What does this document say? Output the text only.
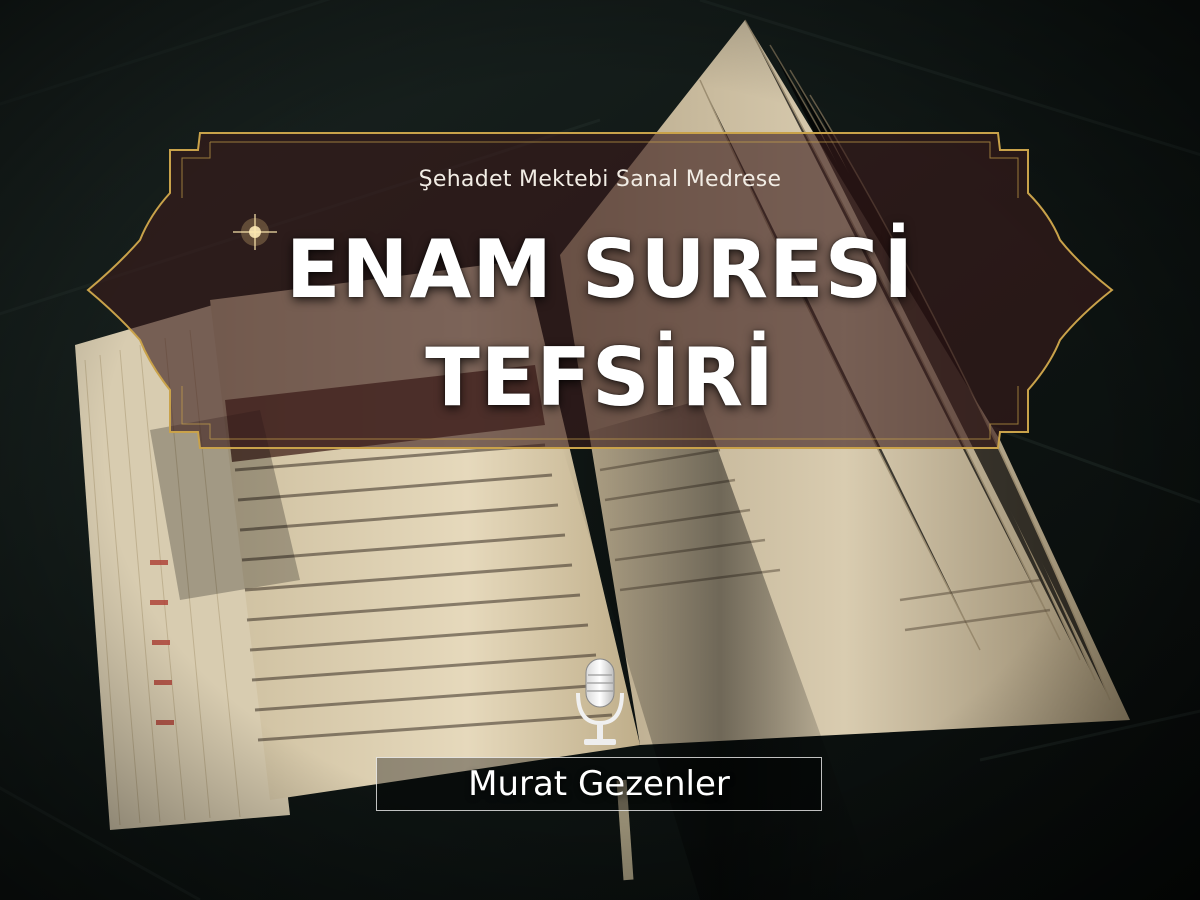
Şehadet Mektebi Sanal Medrese
ENAM SURESİ
TEFSİRİ
Murat Gezenler
